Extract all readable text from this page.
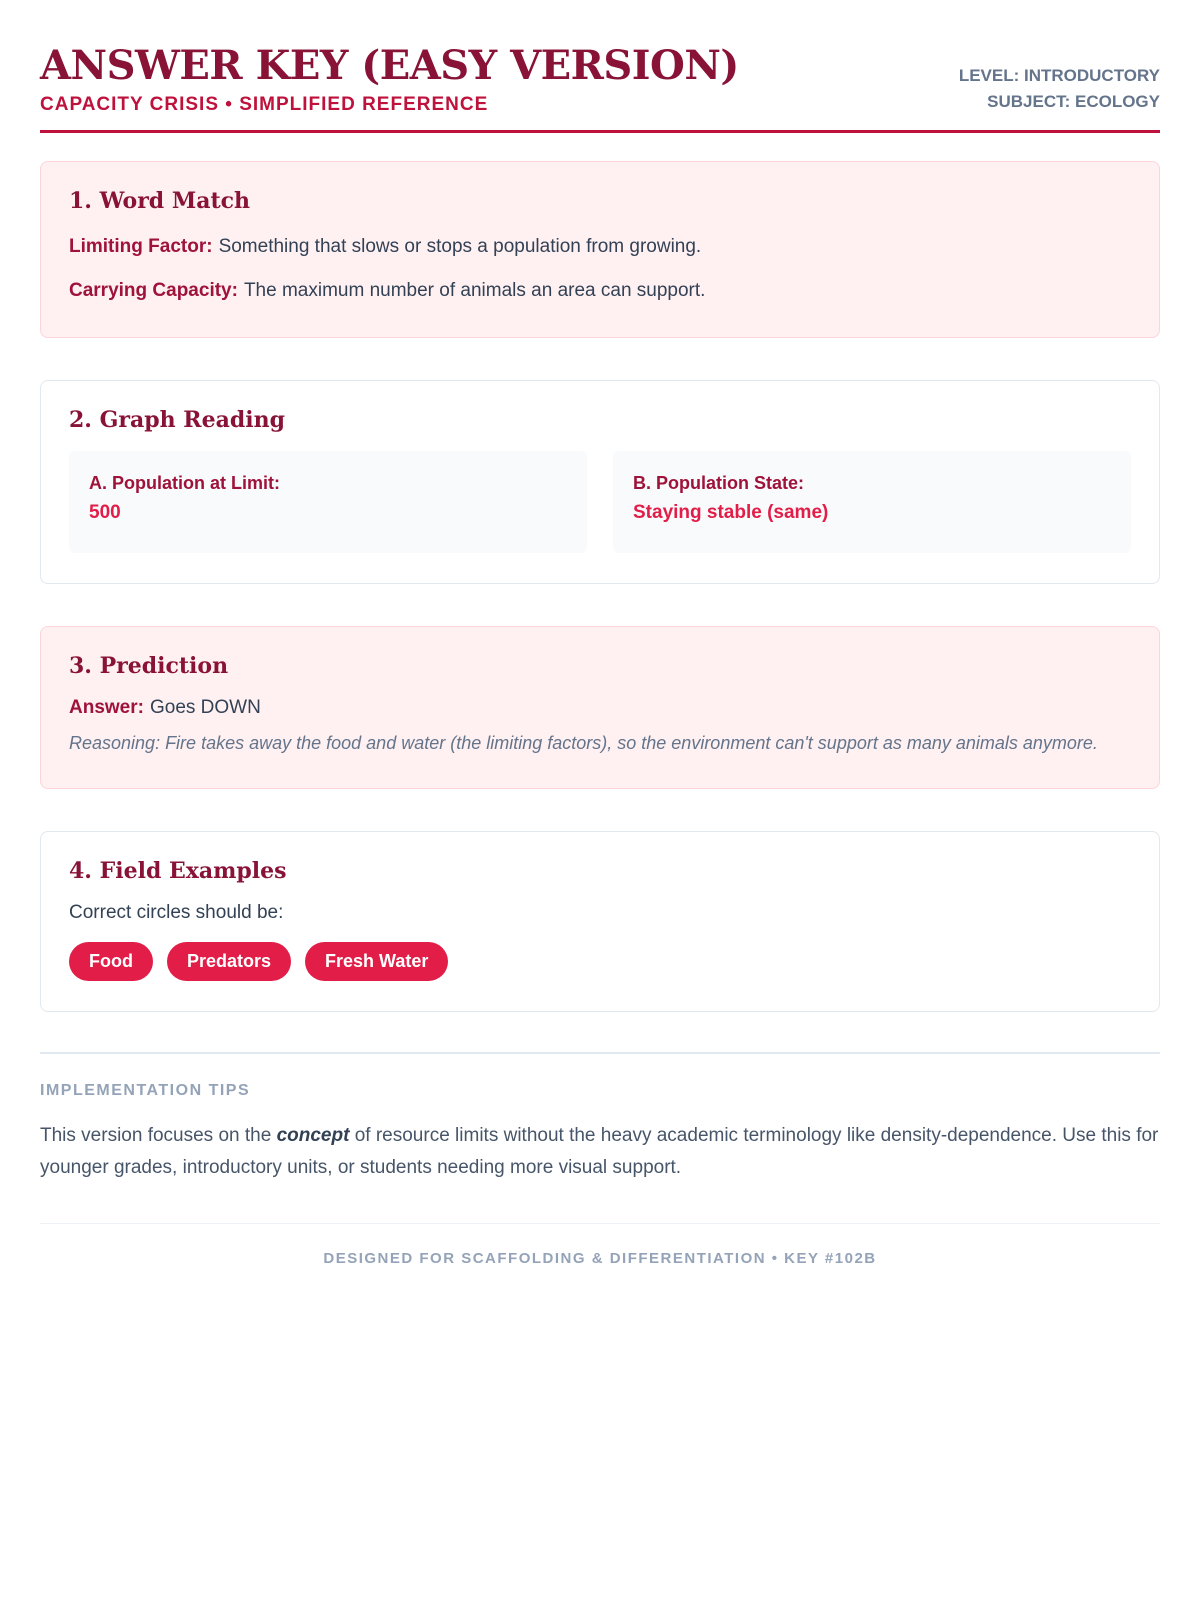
ANSWER KEY (EASY VERSION)
CAPACITY CRISIS • SIMPLIFIED REFERENCE
LEVEL: INTRODUCTORY
SUBJECT: ECOLOGY
1. Word Match
Limiting Factor: Something that slows or stops a population from growing.
Carrying Capacity: The maximum number of animals an area can support.
2. Graph Reading
A. Population at Limit:
500
B. Population State:
Staying stable (same)
3. Prediction
Answer: Goes DOWN
Reasoning: Fire takes away the food and water (the limiting factors), so the environment can't support as many animals anymore.
4. Field Examples
Correct circles should be:
Food	Predators	Fresh Water
IMPLEMENTATION TIPS
This version focuses on the concept of resource limits without the heavy academic terminology like density-dependence. Use this for younger grades, introductory units, or students needing more visual support.
DESIGNED FOR SCAFFOLDING & DIFFERENTIATION • KEY #102B
